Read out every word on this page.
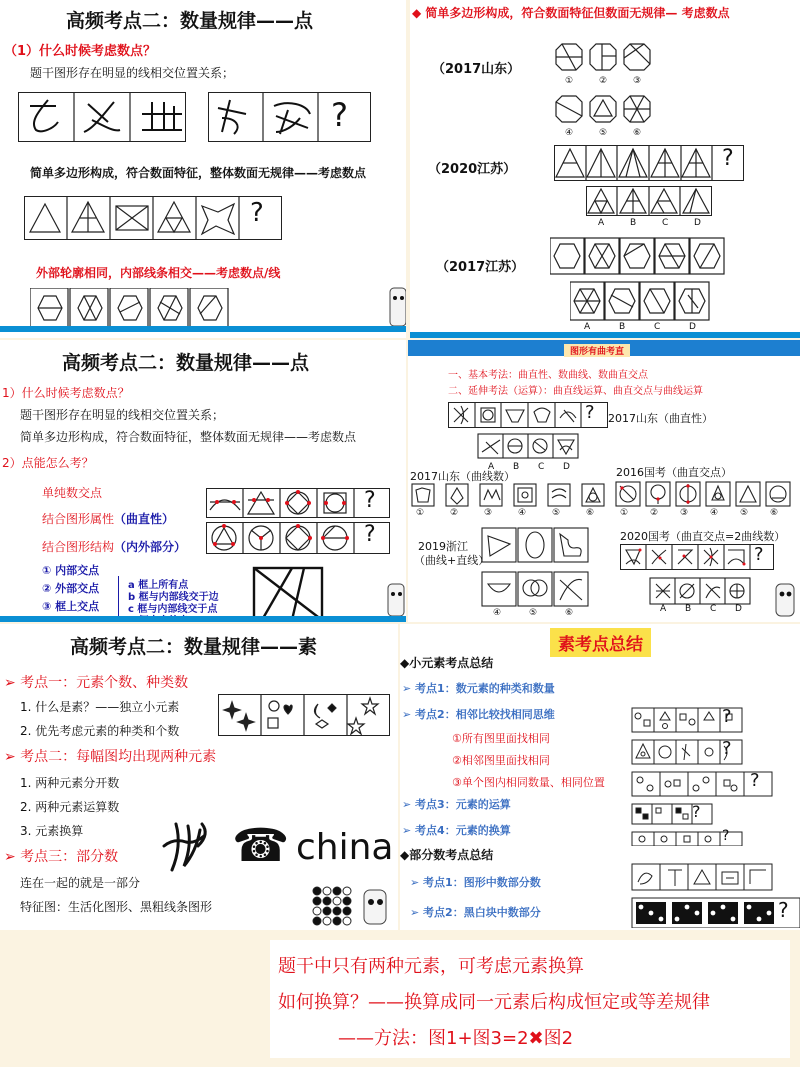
高频考点二：数量规律——点
（1）什么时候考虑数点？
题干图形存在明显的线相交位置关系；
?
简单多边形构成，符合数面特征，整体数面无规律——考虑数点
?
外部轮廓相同，内部线条相交——考虑数点/线
◆ 简单多边形构成，符合数面特征但数面无规律— 考虑数点
（2017山东）
①	②	③
④	⑤	⑥
（2020江苏）	?
A	B	C	D
（2017江苏）
A	B	C	D
高频考点二：数量规律——点
1）什么时候考虑数点？
题干图形存在明显的线相交位置关系；
简单多边形构成，符合数面特征，整体数面无规律——考虑数点
2）点能怎么考？
单纯数交点
结合图形属性（曲直性）
结合图形结构（内外部分）
?
?
① 内部交点
② 外部交点
③ 框上交点
a 框上所有点
b 框与内部线交于边
c 框与内部线交于点
图形有曲考直
一、基本考法：曲直性、数曲线、数曲直交点
二、延伸考法（运算）：曲直线运算、曲直交点与曲线运算
? 2017山东（曲直性）
A B C D
2017山东（曲线数）
①	②	③	④	⑤	⑥
2016国考（曲直交点）
① ② ③ ④ ⑤ ⑥
2019浙江
（曲线+直线）
④	⑤	⑥
2020国考（曲直交点=2曲线数）
?
A B C D
高频考点二：数量规律——素
➢ 考点一：元素个数、种类数
1. 什么是素？——独立小元素
2. 优先考虑元素的种类和个数
➢ 考点二：每幅图均出现两种元素
1. 两种元素分开数
2. 两种元素运算数
3. 元素换算
➢ 考点三：部分数
连在一起的就是一部分
特征图：生活化图形、黑粗线条图形
☎ china
素考点总结
◆小元素考点总结
➢ 考点1：数元素的种类和数量
➢ 考点2：相邻比较找相同思维
①所有图里面找相同
②相邻图里面找相同
③单个图内相同数量、相同位置
➢ 考点3：元素的运算
➢ 考点4：元素的换算
◆部分数考点总结
➢ 考点1：图形中数部分数
➢ 考点2：黑白块中数部分
?
?
?
?
?
?
题干中只有两种元素，可考虑元素换算
如何换算？——换算成同一元素后构成恒定或等差规律
——方法：图1+图3=2✖图2
